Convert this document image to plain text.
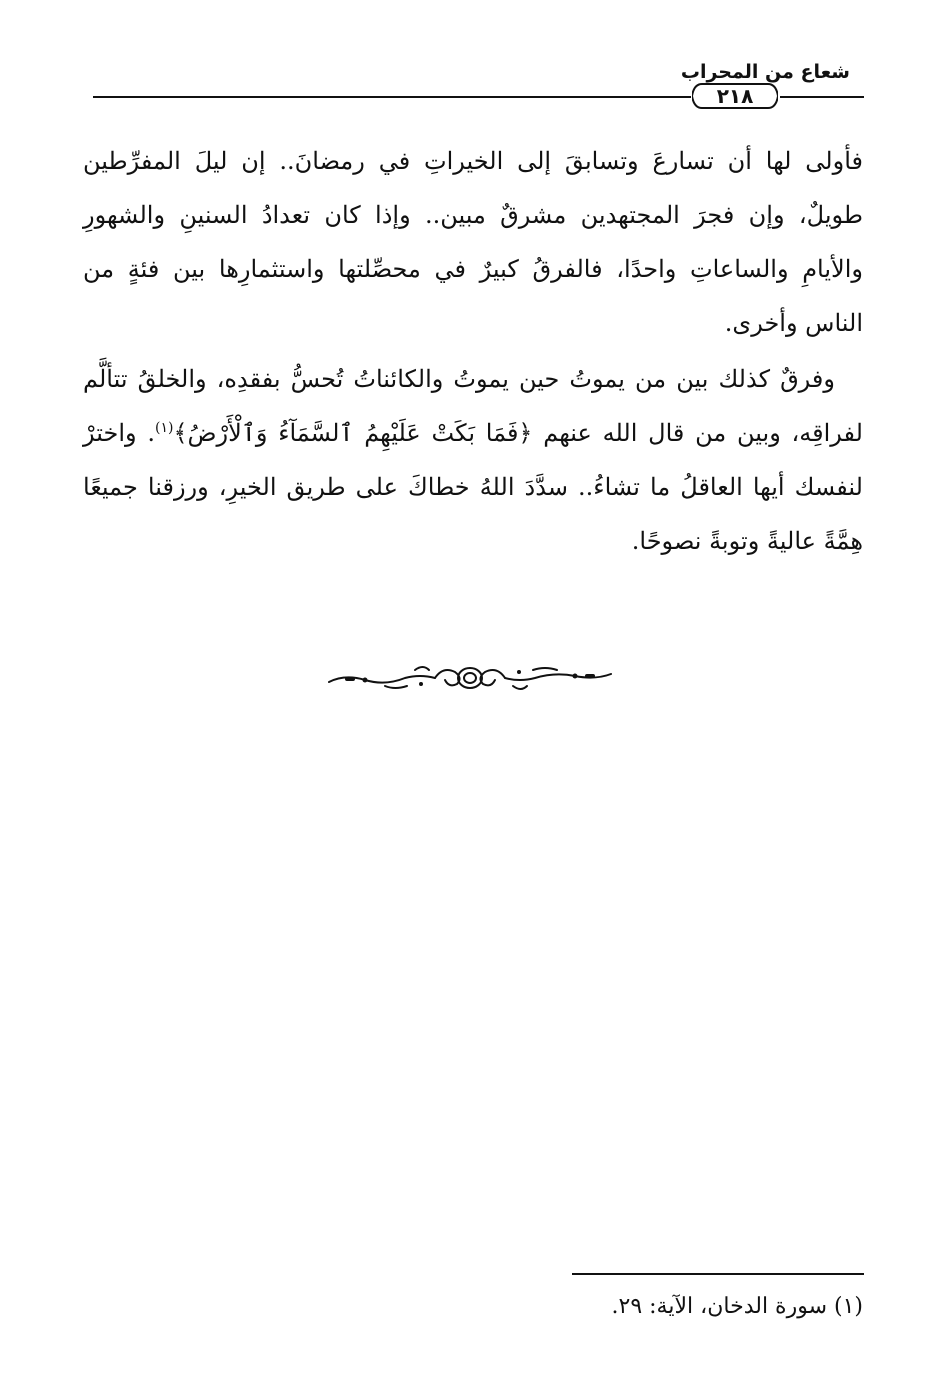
شعاع من المحراب
٢١٨

فأولى لها أن تسارعَ وتسابقَ إلى الخيراتِ في رمضانَ.. إن ليلَ المفرِّطين طويلٌ، وإن فجرَ المجتهدين مشرقٌ مبين.. وإذا كان تعدادُ السنينِ والشهورِ والأيامِ والساعاتِ واحدًا، فالفرقُ كبيرٌ في محصِّلتها واستثمارِها بين فئةٍ من الناس وأخرى.

وفرقٌ كذلك بين من يموتُ حين يموتُ والكائناتُ تُحسُّ بفقدِه، والخلقُ تتألَّم لفراقِه، وبين من قال الله عنهم ﴿فَمَا بَكَتْ عَلَيْهِمُ ٱلسَّمَآءُ وَٱلْأَرْضُ﴾$^{(١)}$. واخترْ لنفسك أيها العاقلُ ما تشاءُ.. سدَّدَ اللهُ خطاكَ على طريق الخيرِ، ورزقنا جميعًا هِمَّةً عاليةً وتوبةً نصوحًا.

(١) سورة الدخان، الآية: ٢٩.
